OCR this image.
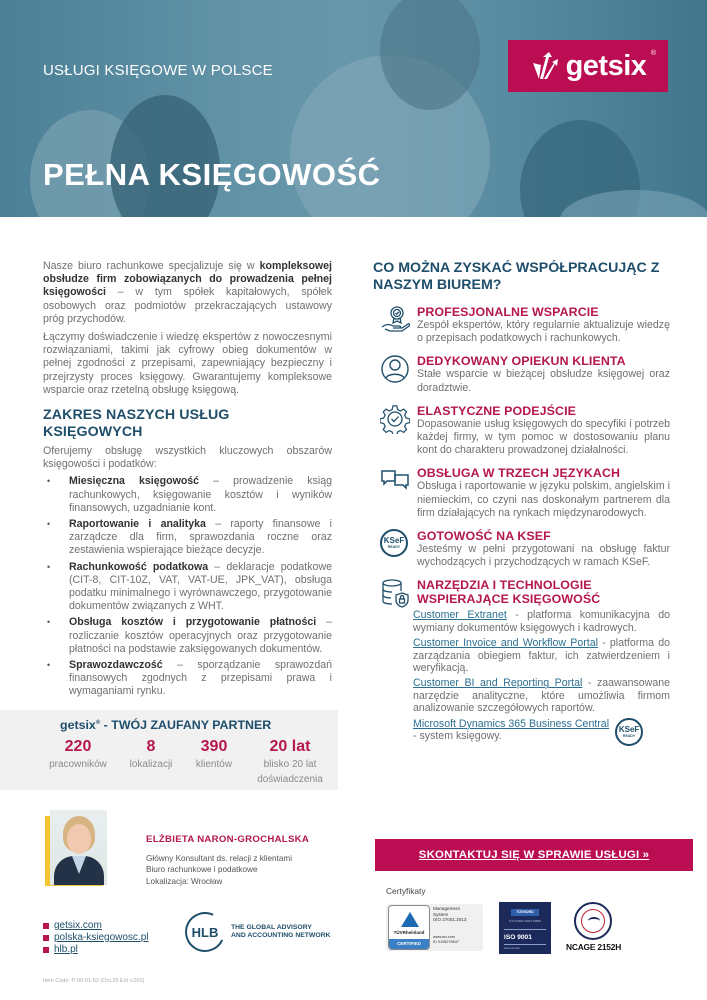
USŁUGI KSIĘGOWE W POLSCE
PEŁNA KSIĘGOWOŚĆ
getsix ®
Nasze biuro rachunkowe specjalizuje się w kompleksowej obsłudze firm zobowiązanych do prowadzenia pełnej księgowości – w tym spółek kapitałowych, spółek osobowych oraz podmiotów przekraczających ustawowy próg przychodów.
Łączymy doświadczenie i wiedzę ekspertów z nowoczesnymi rozwiązaniami, takimi jak cyfrowy obieg dokumentów w pełnej zgodności z przepisami, zapewniający bezpieczny i przejrzysty proces księgowy. Gwarantujemy kompleksowe wsparcie oraz rzetelną obsługę księgową.
ZAKRES NASZYCH USŁUG KSIĘGOWYCH
Oferujemy obsługę wszystkich kluczowych obszarów księgowości i podatków:
• Miesięczna księgowość – prowadzenie ksiąg rachunkowych, księgowanie kosztów i wyników finansowych, uzgadnianie kont.
• Raportowanie i analityka – raporty finansowe i zarządcze dla firm, sprawozdania roczne oraz zestawienia wspierające bieżące decyzje.
• Rachunkowość podatkowa – deklaracje podatkowe (CIT-8, CIT-10Z, VAT, VAT-UE, JPK_VAT), obsługa podatku minimalnego i wyrównawczego, przygotowanie dokumentów związanych z WHT.
• Obsługa kosztów i przygotowanie płatności – rozliczanie kosztów operacyjnych oraz przygotowanie płatności na podstawie zaksięgowanych dokumentów.
• Sprawozdawczość – sporządzanie sprawozdań finansowych zgodnych z przepisami prawa i wymaganiami rynku.
getsix® - TWÓJ ZAUFANY PARTNER
220
pracowników
8
lokalizacji
390
klientów
20 lat
blisko 20 lat doświadczenia
ELŻBIETA NARON-GROCHALSKA
Główny Konsultant ds. relacji z klientami
Biuro rachunkowe i podatkowe
Lokalizacja: Wrocław
getsix.com
polska-ksiegowosc.pl
hlb.pl
HLB THE GLOBAL ADVISORY
AND ACCOUNTING NETWORK
Item Code: P-00-01-52 (Oct.25 Ext v.001)
CO MOŻNA ZYSKAĆ WSPÓŁPRACUJĄC Z NASZYM BIUREM?
PROFESJONALNE WSPARCIE
Zespół ekspertów, który regularnie aktualizuje wiedzę o przepisach podatkowych i rachunkowych.
DEDYKOWANY OPIEKUN KLIENTA
Stałe wsparcie w bieżącej obsłudze księgowej oraz doradztwie.
ELASTYCZNE PODEJŚCIE
Dopasowanie usług księgowych do specyfiki i potrzeb każdej firmy, w tym pomoc w dostosowaniu planu kont do charakteru prowadzonej działalności.
OBSŁUGA W TRZECH JĘZYKACH
Obsługa i raportowanie w języku polskim, angielskim i niemieckim, co czyni nas doskonałym partnerem dla firm działających na rynkach międzynarodowych.
KSeF
READY
GOTOWOŚĆ NA KSEF
Jesteśmy w pełni przygotowani na obsługę faktur wychodzących i przychodzących w ramach KSeF.
NARZĘDZIA I TECHNOLOGIE
WSPIERAJĄCE KSIĘGOWOŚĆ
Customer Extranet - platforma komunikacyjna do wymiany dokumentów księgowych i kadrowych.
Customer Invoice and Workflow Portal - platforma do zarządzania obiegiem faktur, ich zatwierdzeniem i weryfikacją.
Customer BI and Reporting Portal - zaawansowane narzędzie analityczne, które umożliwia firmom analizowanie szczegółowych raportów.
Microsoft Dynamics 365 Business Central
- system księgowy.
KSeF
READY
SKONTAKTUJ SIĘ W SPRAWIE USŁUGI »
Certyfikaty
TÜVRheinland
CERTIFIED
Management
System
ISO 27001:2013
www.tuv.com
ID 9105078547
TÜVNORD
TÜV NORD CERT GMBH
ISO 9001
tuev-nord.de	NCAGE 2152H
